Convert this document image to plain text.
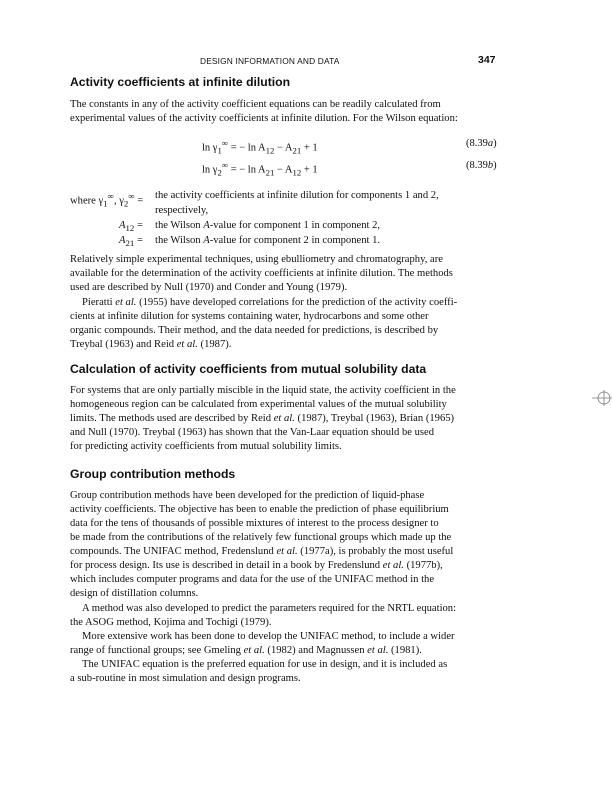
DESIGN INFORMATION AND DATA	347
Activity coefficients at infinite dilution
The constants in any of the activity coefficient equations can be readily calculated from
experimental values of the activity coefficients at infinite dilution. For the Wilson equation:
$\ln \gamma_1^\infty$ = − $\ln A_{12} - A_{21} + 1$	(8.39a)
$\ln \gamma_2^\infty$ = − $\ln A_{21} - A_{12} + 1$	(8.39b)
where $\gamma_1^\infty$, $\gamma_2^\infty$ =
the activity coefficients at infinite dilution for components 1 and 2,
respectively,
$A_{12}$ = the Wilson A-value for component 1 in component 2,
$A_{21}$ = the Wilson A-value for component 2 in component 1.
Relatively simple experimental techniques, using ebulliometry and chromatography, are
available for the determination of the activity coefficients at infinite dilution. The methods
used are described by Null (1970) and Conder and Young (1979).
Pieratti et al. (1955) have developed correlations for the prediction of the activity coeffi-
cients at infinite dilution for systems containing water, hydrocarbons and some other
organic compounds. Their method, and the data needed for predictions, is described by
Treybal (1963) and Reid et al. (1987).
Calculation of activity coefficients from mutual solubility data
For systems that are only partially miscible in the liquid state, the activity coefficient in the
homogeneous region can be calculated from experimental values of the mutual solubility
limits. The methods used are described by Reid et al. (1987), Treybal (1963), Brian (1965)
and Null (1970). Treybal (1963) has shown that the Van-Laar equation should be used
for predicting activity coefficients from mutual solubility limits.
Group contribution methods
Group contribution methods have been developed for the prediction of liquid-phase
activity coefficients. The objective has been to enable the prediction of phase equilibrium
data for the tens of thousands of possible mixtures of interest to the process designer to
be made from the contributions of the relatively few functional groups which made up the
compounds. The UNIFAC method, Fredenslund et al. (1977a), is probably the most useful
for process design. Its use is described in detail in a book by Fredenslund et al. (1977b),
which includes computer programs and data for the use of the UNIFAC method in the
design of distillation columns.
A method was also developed to predict the parameters required for the NRTL equation:
the ASOG method, Kojima and Tochigi (1979).
More extensive work has been done to develop the UNIFAC method, to include a wider
range of functional groups; see Gmeling et al. (1982) and Magnussen et al. (1981).
The UNIFAC equation is the preferred equation for use in design, and it is included as
a sub-routine in most simulation and design programs.
